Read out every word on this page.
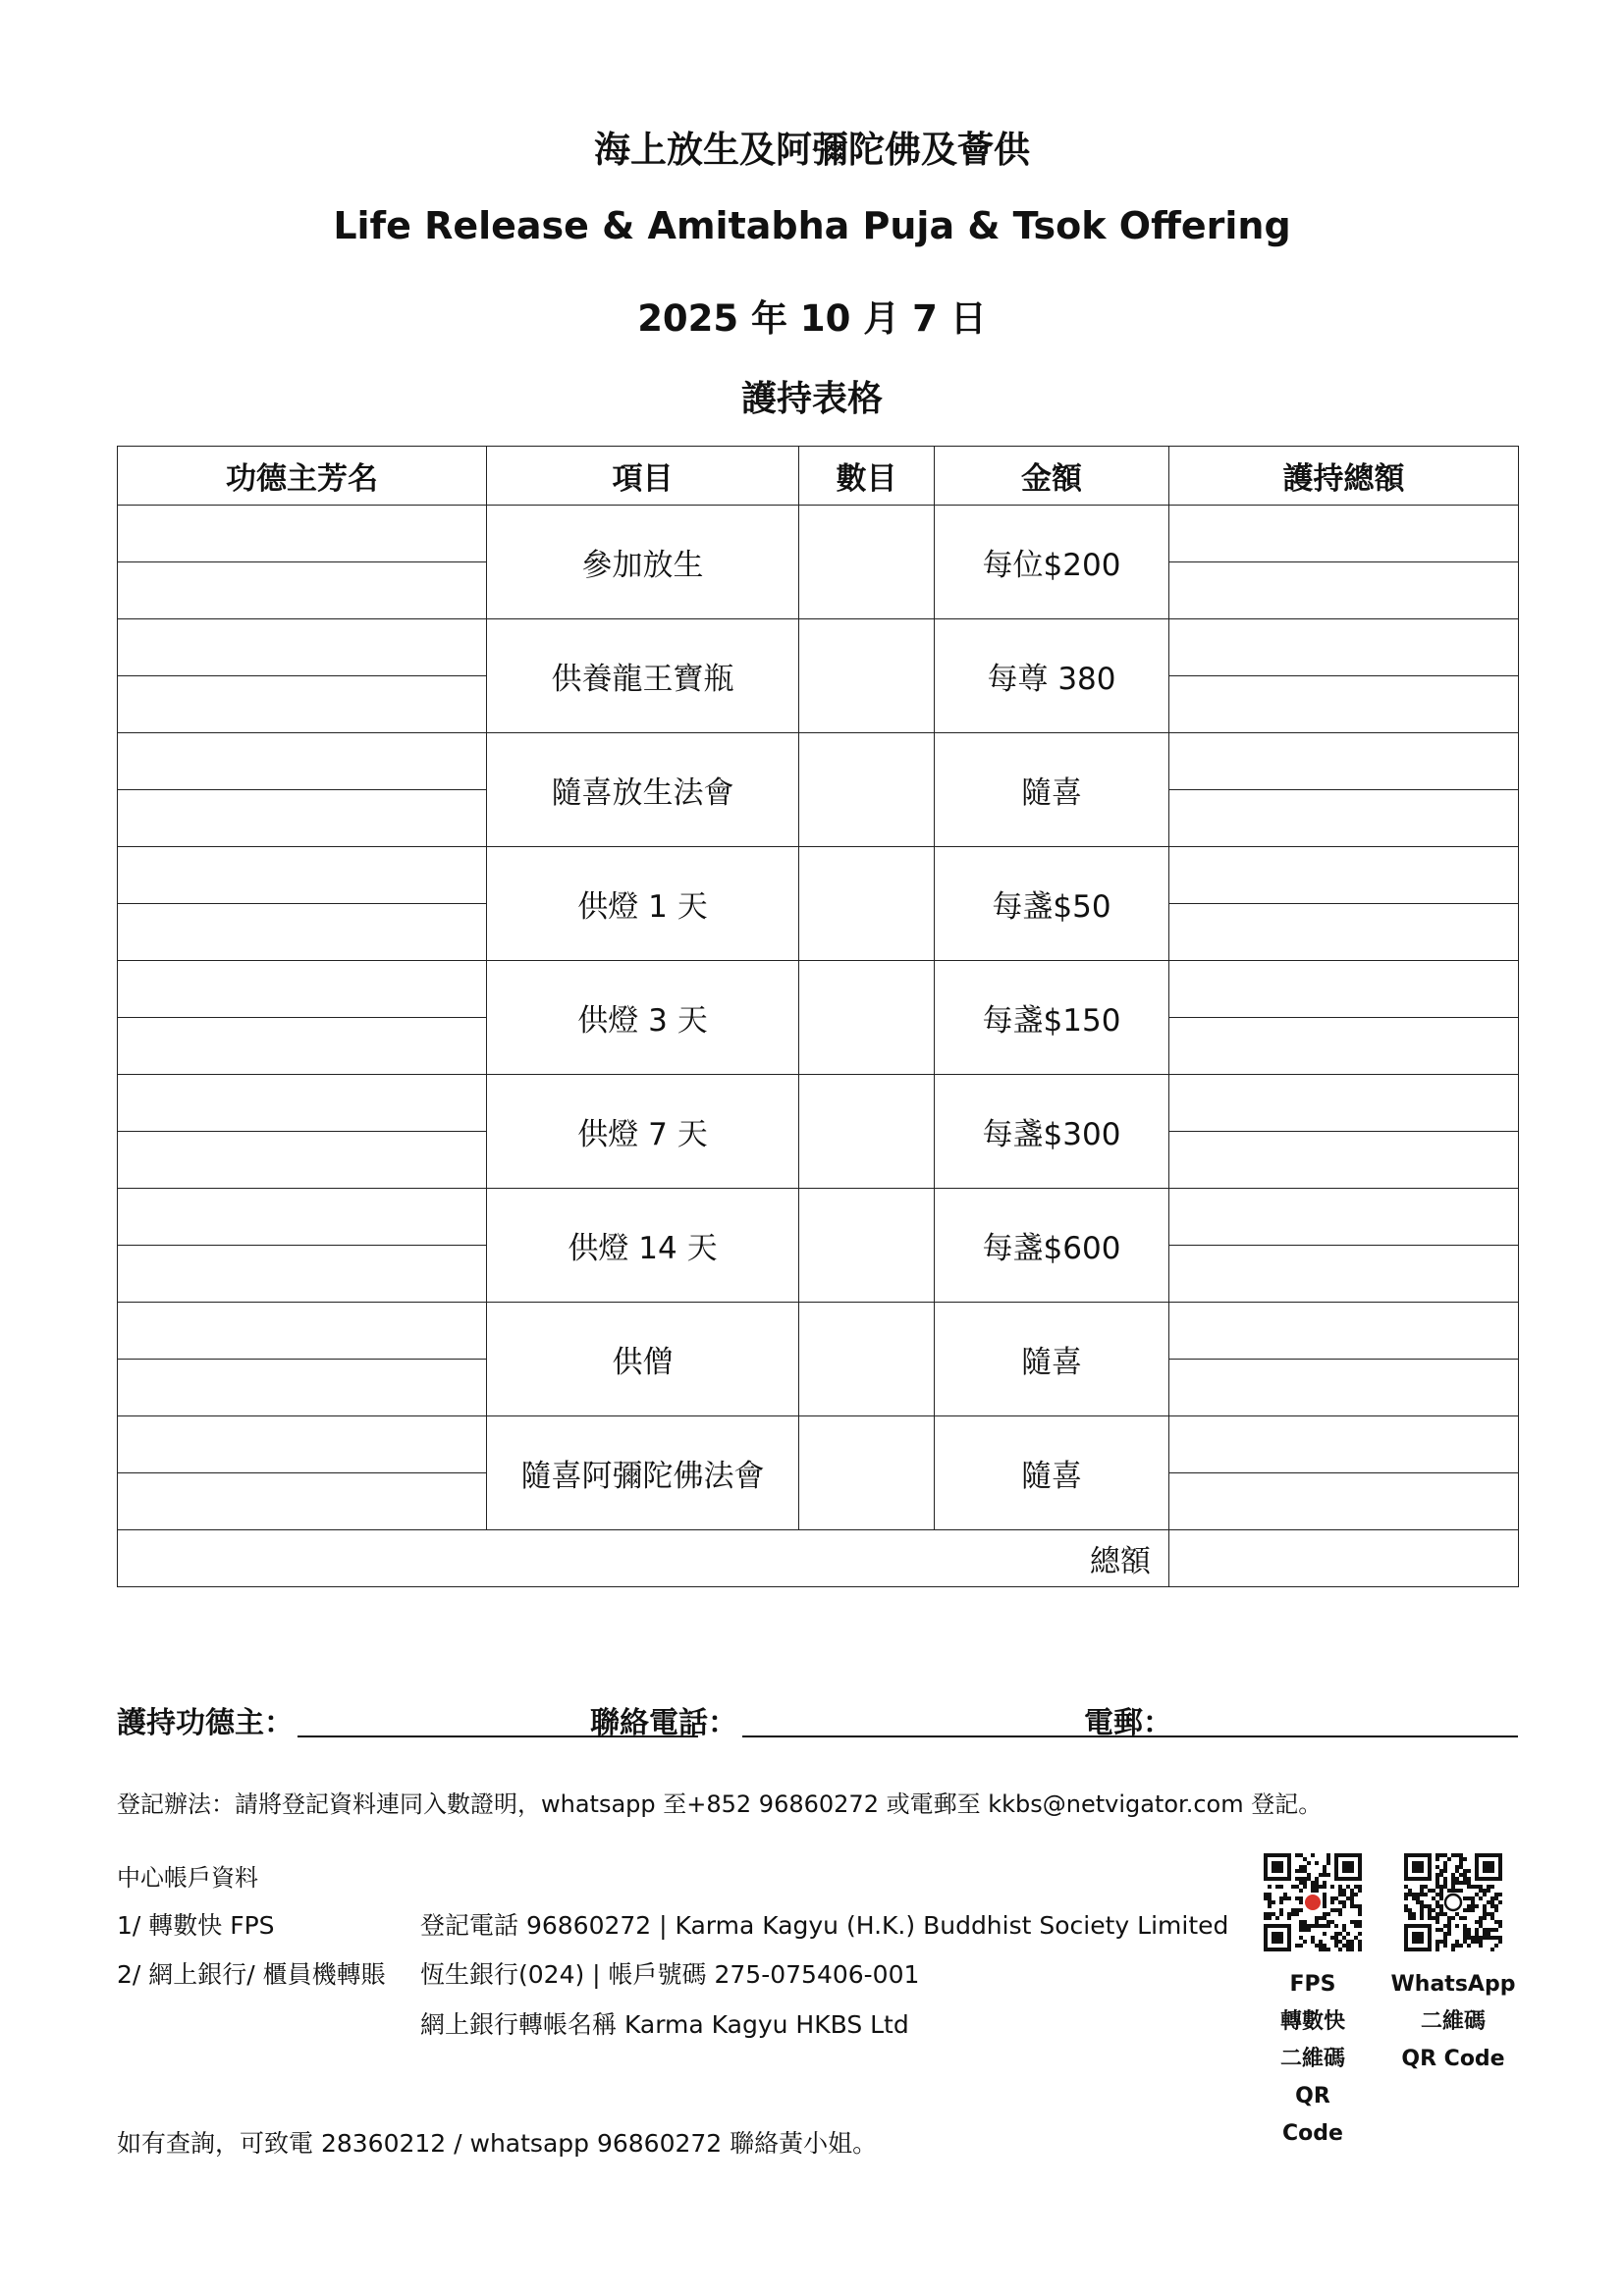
海上放生及阿彌陀佛及薈供
Life Release & Amitabha Puja & Tsok Offering
2025 年 10 月 7 日
護持表格
功德主芳名	項目	數目	金額	護持總額
	參加放生		每位$200	

	供養龍王寶瓶		每尊 380	

	隨喜放生法會		隨喜	

	供燈 1 天		每盞$50	

	供燈 3 天		每盞$150	

	供燈 7 天		每盞$300	

	供燈 14 天		每盞$600	

	供僧		隨喜	

	隨喜阿彌陀佛法會		隨喜	

總額				
護持功德主：	聯絡電話：	電郵：
登記辦法：請將登記資料連同入數證明，whatsapp 至+852 96860272 或電郵至 kkbs@netvigator.com 登記。
中心帳戶資料
1/ 轉數快 FPS	登記電話 96860272 | Karma Kagyu (H.K.) Buddhist Society Limited
2/ 網上銀行/ 櫃員機轉賬 恆生銀行(024) | 帳戶號碼 275-075406-001
網上銀行轉帳名稱 Karma Kagyu HKBS Ltd
如有查詢，可致電 28360212 / whatsapp 96860272 聯絡黃小姐。
FPS
轉數快
二維碼
QR
Code
WhatsApp
二維碼
QR Code
